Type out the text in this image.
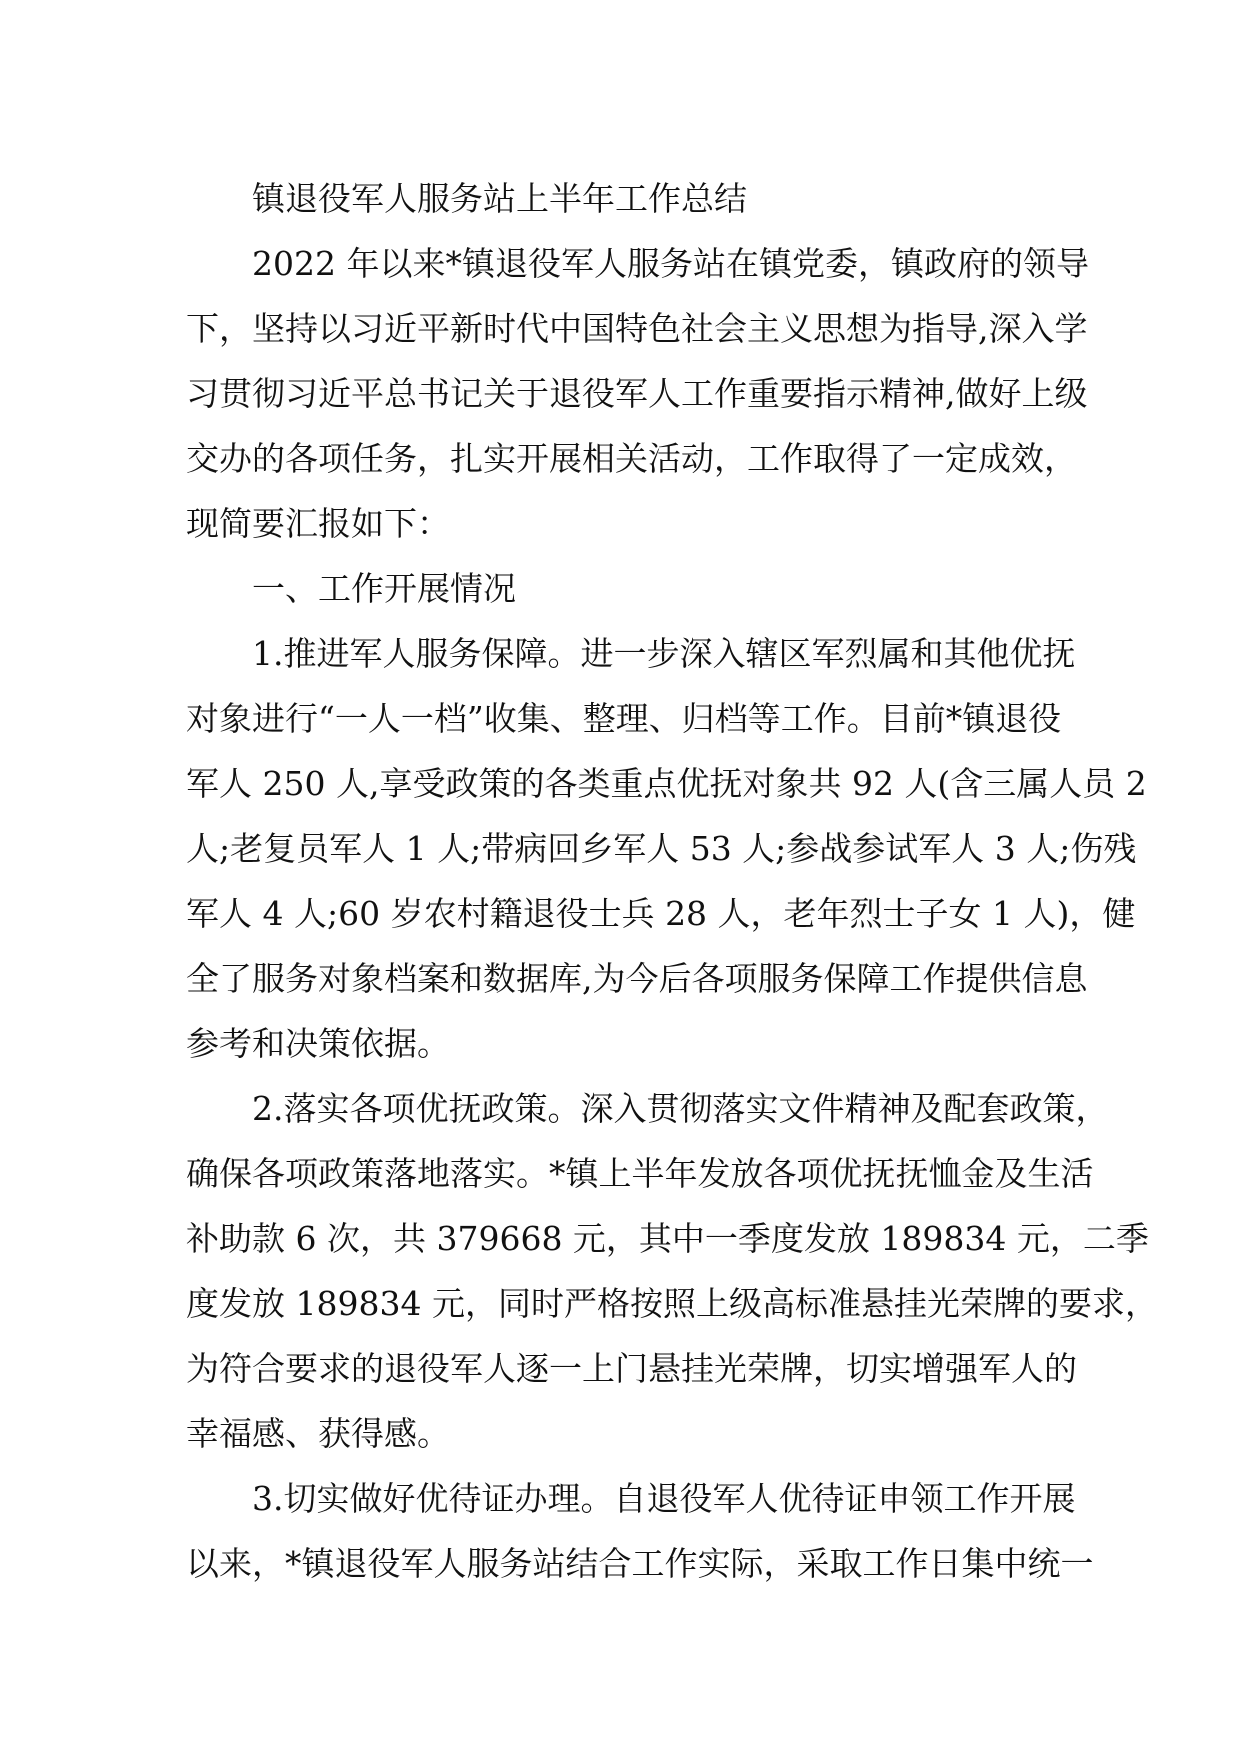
镇退役军人服务站上半年工作总结
2022 年以来*镇退役军人服务站在镇党委，镇政府的领导
下，坚持以习近平新时代中国特色社会主义思想为指导,深入学
习贯彻习近平总书记关于退役军人工作重要指示精神,做好上级
交办的各项任务，扎实开展相关活动，工作取得了一定成效，
现简要汇报如下：
一、工作开展情况
1.推进军人服务保障。进一步深入辖区军烈属和其他优抚
对象进行“一人一档”收集、整理、归档等工作。目前*镇退役
军人 250 人,享受政策的各类重点优抚对象共 92 人(含三属人员 2
人;老复员军人 1 人;带病回乡军人 53 人;参战参试军人 3 人;伤残
军人 4 人;60 岁农村籍退役士兵 28 人，老年烈士子女 1 人)，健
全了服务对象档案和数据库,为今后各项服务保障工作提供信息
参考和决策依据。
2.落实各项优抚政策。深入贯彻落实文件精神及配套政策，
确保各项政策落地落实。*镇上半年发放各项优抚抚恤金及生活
补助款 6 次，共 379668 元，其中一季度发放 189834 元，二季
度发放 189834 元，同时严格按照上级高标准悬挂光荣牌的要求，
为符合要求的退役军人逐一上门悬挂光荣牌，切实增强军人的
幸福感、获得感。
3.切实做好优待证办理。自退役军人优待证申领工作开展
以来，*镇退役军人服务站结合工作实际，采取工作日集中统一
